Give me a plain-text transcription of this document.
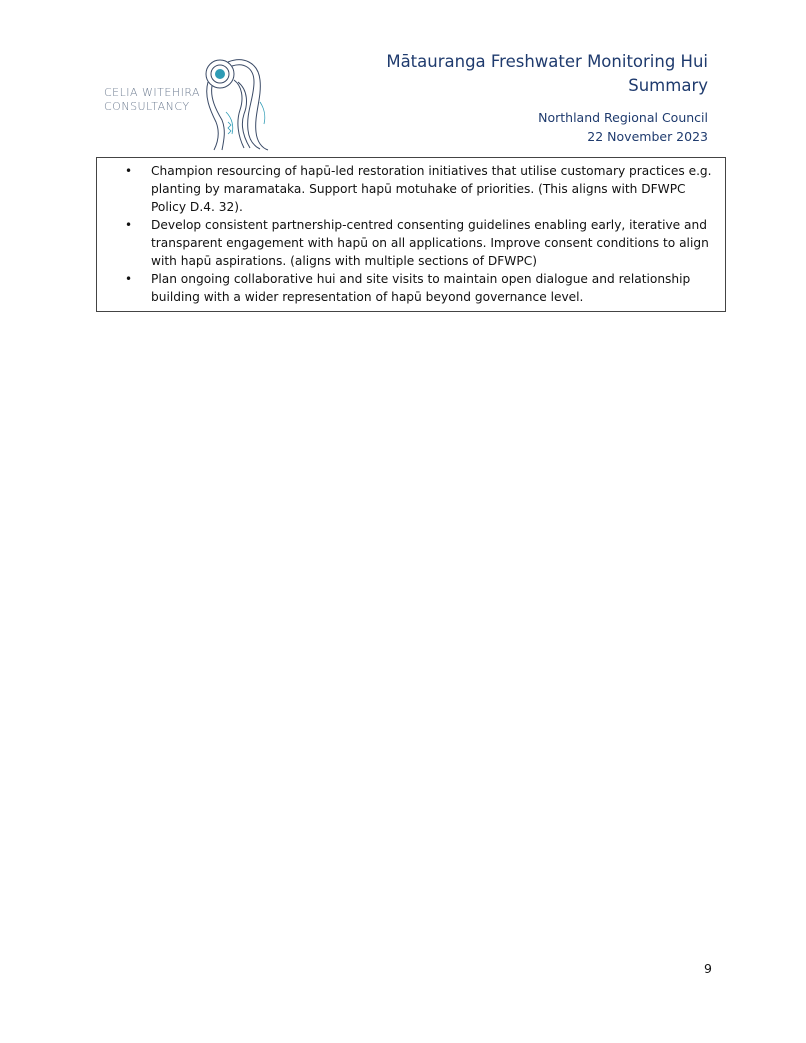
CELIA WITEHIRA
CONSULTANCY
Mātauranga Freshwater Monitoring Hui
Summary
Northland Regional Council
22 November 2023
• Champion resourcing of hapū-led restoration initiatives that utilise customary practices e.g. planting by maramataka. Support hapū motuhake of priorities. (This aligns with DFWPC Policy D.4. 32).
• Develop consistent partnership-centred consenting guidelines enabling early, iterative and transparent engagement with hapū on all applications. Improve consent conditions to align with hapū aspirations. (aligns with multiple sections of DFWPC)
• Plan ongoing collaborative hui and site visits to maintain open dialogue and relationship building with a wider representation of hapū beyond governance level.
9
